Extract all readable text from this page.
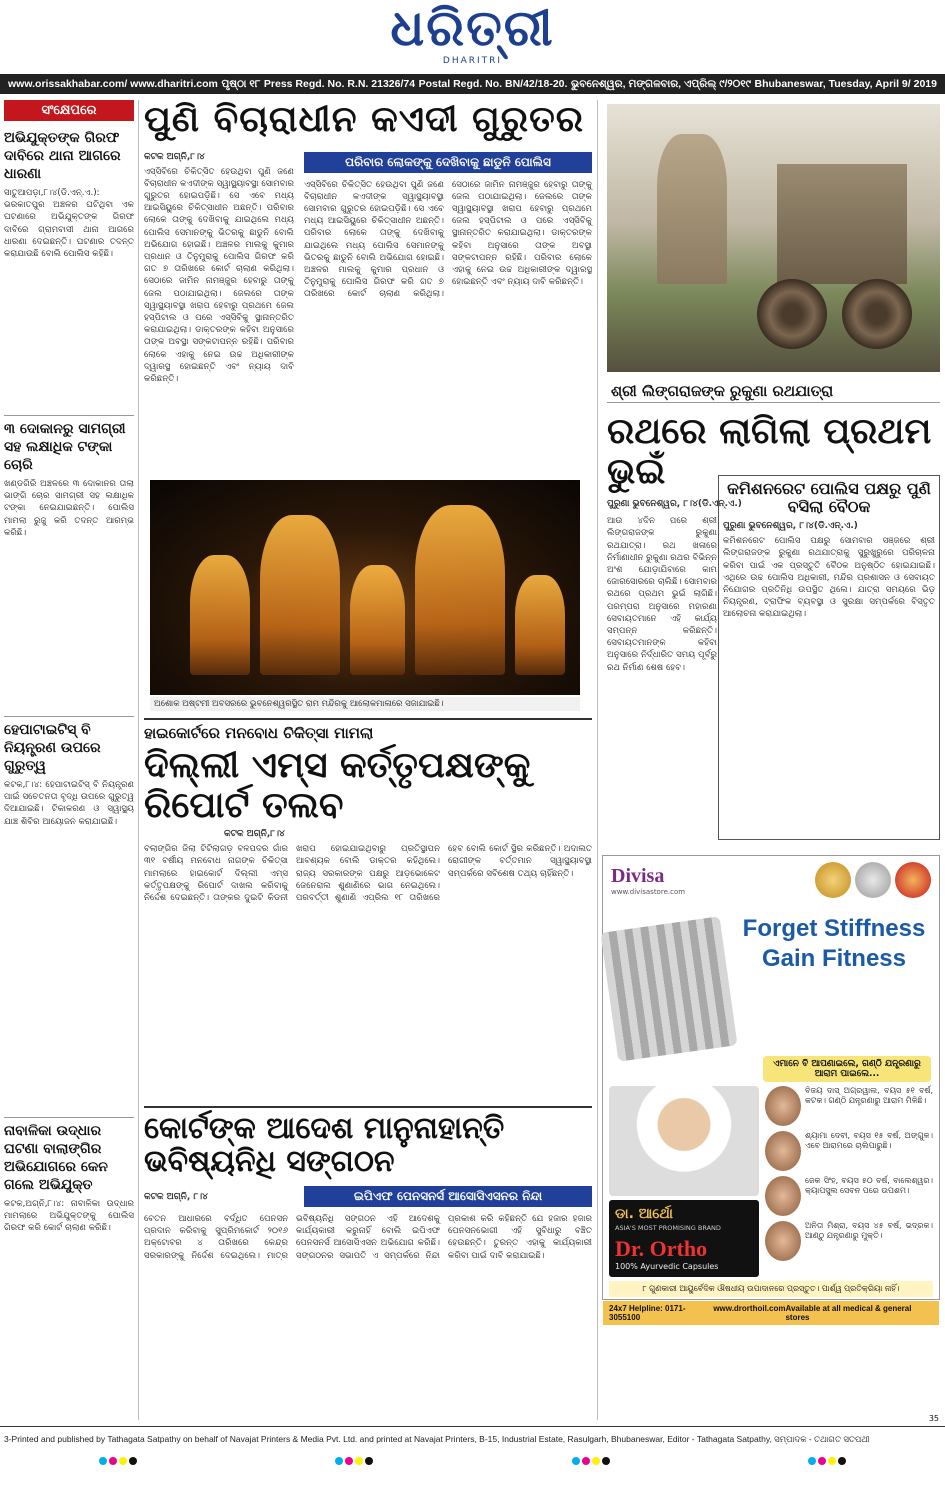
ଧରିତ୍ରୀ
DHARITRI
www.orissakhabar.com/ www.dharitri.com ପୃଷ୍ଠା ୧୮ Press Regd. No. R.N. 21326/74 Postal Regd. No. BN/42/18-20. ଭୁବନେଶ୍ୱର, ମଙ୍ଗଳବାର, ଏପ୍ରିଲ୍ ୯/୨୦୧୯ Bhubaneswar, Tuesday, April 9/ 2019
ସଂକ୍ଷେପରେ
ଅଭିଯୁକ୍ତଙ୍କ ଗିରଫ ଦାବିରେ ଥାନା ଆଗରେ ଧାରଣା
ସାତୁଆପଡ଼ା,୮।୪(ଡି.ଏନ୍.ଏ.): ଭରକାତପୁର ଅଞ୍ଚଳର ଘଟିଥିବା ଏକ ଘଟଣାରେ ଅଭିଯୁକ୍ତଙ୍କ ଗିରଫ ଦାବିରେ ଗ୍ରାମବାସୀ ଥାନା ଆଗରେ ଧାରଣା ଦେଇଛନ୍ତି। ଘଟଣାର ତଦନ୍ତ କରାଯାଉଛି ବୋଲି ପୋଲିସ କହିଛି।
୩ ଦୋକାନରୁ ସାମଗ୍ରୀ ସହ ଲକ୍ଷାଧିକ ଟଙ୍କା ଚୋରି
ଖଣ୍ଡଗିରି ଅଞ୍ଚଳରେ ୩ ଦୋକାନର ତାଲା ଭାଙ୍ଗି ଚୋର ସାମଗ୍ରୀ ସହ ଲକ୍ଷାଧିକ ଟଙ୍କା ନେଇଯାଇଛନ୍ତି। ପୋଲିସ ମାମଲା ରୁଜୁ କରି ତଦନ୍ତ ଆରମ୍ଭ କରିଛି।
ହେପାଟାଇଟିସ୍ ବି ନିୟନ୍ତ୍ରଣ ଉପରେ ଗୁରୁତ୍ୱ
କଟକ,୮।୪: ହେପାଟାଇଟିସ୍ ବି ନିୟନ୍ତ୍ରଣ ପାଇଁ ସଚେତନତା ବୃଦ୍ଧି ଉପରେ ଗୁରୁତ୍ୱ ଦିଆଯାଇଛି। ଟିକାକରଣ ଓ ସ୍ୱାସ୍ଥ୍ୟ ଯାଞ୍ଚ ଶିବିର ଆୟୋଜନ କରାଯାଇଛି।
ନାବାଳିକା ଉଦ୍ଧାର ଘଟଣା ବାଲାଙ୍ଗିର ଅଭିଯୋଗରେ କେନ ଗଲେ ଅଭିଯୁକ୍ତ
କଟକ,ଅଗ୍ନି,୮।୪: ନାବାଳିକା ଉଦ୍ଧାର ମାମଲାରେ ଅଭିଯୁକ୍ତଙ୍କୁ ପୋଲିସ ଗିରଫ କରି କୋର୍ଟ ଚାଲାଣ କରିଛି।
ପୁଣି ବିଚାରାଧୀନ କଏଦୀ ଗୁରୁତର
କଟକ ଅଗ୍ନି,୮।୪
ଏସ୍‌ସିବିରେ ଚିକିତ୍ସିତ ହେଉଥିବା ପୁଣି ଜଣେ ବିଚାରାଧୀନ କଏଦୀଙ୍କ ସ୍ୱାସ୍ଥ୍ୟାବସ୍ଥା ସୋମବାର ଗୁରୁତର ହୋଇପଡ଼ିଛି। ସେ ଏବେ ମଧ୍ୟ ଆଇସିୟୁରେ ଚିକିତ୍ସାଧୀନ ଅଛନ୍ତି। ପରିବାର ଲୋକେ ତାଙ୍କୁ ଦେଖିବାକୁ ଯାଇଥିଲେ ମଧ୍ୟ ପୋଲିସ ସେମାନଙ୍କୁ ଭିତରକୁ ଛାଡୁନି ବୋଲି ଅଭିଯୋଗ ହୋଇଛି। ଅଞ୍ଚଳର ମାଲକୁ କୁମାର ପ୍ରଧାନ ଓ ତିନୁମୁରାକୁ ପୋଲିସ ଗିରଫ କରି ଗତ ୭ ତାରିଖରେ କୋର୍ଟ ଚାଲାଣ କରିଥିଲା। ସେଠାରେ ଜାମିନ ନାମଞ୍ଜୁର ହେବାରୁ ତାଙ୍କୁ ଜେଲ ପଠାଯାଇଥିଲା। ଜେଲରେ ତାଙ୍କ ସ୍ୱାସ୍ଥ୍ୟାବସ୍ଥା ଖରାପ ହେବାରୁ ପ୍ରଥମେ ଜେଲ ହସ୍ପିଟାଲ ଓ ପରେ ଏସ୍‌ସିବିକୁ ସ୍ଥାନାନ୍ତରିତ କରାଯାଇଥିଲା। ଡାକ୍ତରଙ୍କ କହିବା ଅନୁସାରେ ତାଙ୍କ ଅବସ୍ଥା ସଙ୍କଟାପନ୍ନ ରହିଛି। ପରିବାର ଲୋକେ ଏହାକୁ ନେଇ ଉଚ୍ଚ ଅଧିକାରୀଙ୍କ ଦ୍ୱାରସ୍ଥ ହୋଇଛନ୍ତି ଏବଂ ନ୍ୟାୟ ଦାବି କରିଛନ୍ତି।
ପରିବାର ଲୋକଙ୍କୁ ଦେଖିବାକୁ ଛାଡୁନି ପୋଲିସ
ଏସ୍‌ସିବିରେ ଚିକିତ୍ସିତ ହେଉଥିବା ପୁଣି ଜଣେ ବିଚାରାଧୀନ କଏଦୀଙ୍କ ସ୍ୱାସ୍ଥ୍ୟାବସ୍ଥା ସୋମବାର ଗୁରୁତର ହୋଇପଡ଼ିଛି। ସେ ଏବେ ମଧ୍ୟ ଆଇସିୟୁରେ ଚିକିତ୍ସାଧୀନ ଅଛନ୍ତି। ପରିବାର ଲୋକେ ତାଙ୍କୁ ଦେଖିବାକୁ ଯାଇଥିଲେ ମଧ୍ୟ ପୋଲିସ ସେମାନଙ୍କୁ ଭିତରକୁ ଛାଡୁନି ବୋଲି ଅଭିଯୋଗ ହୋଇଛି। ଅଞ୍ଚଳର ମାଲକୁ କୁମାର ପ୍ରଧାନ ଓ ତିନୁମୁରାକୁ ପୋଲିସ ଗିରଫ କରି ଗତ ୭ ତାରିଖରେ କୋର୍ଟ ଚାଲାଣ କରିଥିଲା। ସେଠାରେ ଜାମିନ ନାମଞ୍ଜୁର ହେବାରୁ ତାଙ୍କୁ ଜେଲ ପଠାଯାଇଥିଲା। ଜେଲରେ ତାଙ୍କ ସ୍ୱାସ୍ଥ୍ୟାବସ୍ଥା ଖରାପ ହେବାରୁ ପ୍ରଥମେ ଜେଲ ହସ୍ପିଟାଲ ଓ ପରେ ଏସ୍‌ସିବିକୁ ସ୍ଥାନାନ୍ତରିତ କରାଯାଇଥିଲା। ଡାକ୍ତରଙ୍କ କହିବା ଅନୁସାରେ ତାଙ୍କ ଅବସ୍ଥା ସଙ୍କଟାପନ୍ନ ରହିଛି। ପରିବାର ଲୋକେ ଏହାକୁ ନେଇ ଉଚ୍ଚ ଅଧିକାରୀଙ୍କ ଦ୍ୱାରସ୍ଥ ହୋଇଛନ୍ତି ଏବଂ ନ୍ୟାୟ ଦାବି କରିଛନ୍ତି।
ଅଶୋକ ଅଷ୍ଟମୀ ଅବସରରେ ଭୁବନେଶ୍ୱରସ୍ଥିତ ରାମ ମନ୍ଦିରକୁ ଆଲୋକମାଳାରେ ସଜାଯାଇଛି।
ହାଇକୋର୍ଟରେ ମନବୋଧ ଚିକିତ୍ସା ମାମଲା
ଦିଲ୍ଲୀ ଏମ୍‌ସ କର୍ତ୍ତୃପକ୍ଷଙ୍କୁ ରିପୋର୍ଟ ତଲବ
କଟକ ଅଗ୍ନି,୮।୪
ବଲାଙ୍ଗିର ଜିଲା ଟିଟିଲାଗଡ଼ ବଳପଦର ଗାଁର ୩୧ ବର୍ଷୀୟ ମନବୋଧ ନାଗଙ୍କ ଚିକିତ୍ସା ମାମଲାରେ ହାଇକୋର୍ଟ ଦିଲ୍ଲୀ ଏମ୍‌ସ କର୍ତ୍ତୃପକ୍ଷଙ୍କୁ ରିପୋର୍ଟ ଦାଖଲ କରିବାକୁ ନିର୍ଦ୍ଦେଶ ଦେଇଛନ୍ତି। ତାଙ୍କର ଦୁଇଟି କିଡନୀ ଖରାପ ହୋଇଯାଇଥିବାରୁ ପ୍ରତିସ୍ଥାପନ ଆବଶ୍ୟକ ବୋଲି ଡାକ୍ତର କହିଥିଲେ। ରାଜ୍ୟ ସରକାରଙ୍କ ପକ୍ଷରୁ ଆଡ଼ଭୋକେଟ ଜେନେରାଲ ଶୁଣାଣିରେ ଭାଗ ନେଇଥିଲେ। ପରବର୍ତ୍ତୀ ଶୁଣାଣି ଏପ୍ରିଲ ୧୮ ତାରିଖରେ ହେବ ବୋଲି କୋର୍ଟ ସ୍ଥିର କରିଛନ୍ତି। ଅଦାଲତ ରୋଗୀଙ୍କ ବର୍ତ୍ତମାନ ସ୍ୱାସ୍ଥ୍ୟାବସ୍ଥା ସମ୍ପର୍କରେ ସବିଶେଷ ତଥ୍ୟ ଚାହିଁଛନ୍ତି।
କୋର୍ଟଙ୍କ ଆଦେଶ ମାନୁନାହାନ୍ତି ଭବିଷ୍ୟନିଧି ସଙ୍ଗଠନ
କଟକ ଅଗ୍ନି, ୮।୪	ଇପିଏଫ ପେନସନର୍ସ ଆସୋସିଏସନର ନିନ୍ଦା
ବେତନ ଆଧାରରେ ବର୍ଦ୍ଧିତ ପେନସନ ପ୍ରଦାନ କରିବାକୁ ସୁପ୍ରିମକୋର୍ଟ ୨୦୧୬ ଅକ୍ଟୋବର ୪ ତାରିଖରେ କେନ୍ଦ୍ର ସରକାରଙ୍କୁ ନିର୍ଦ୍ଦେଶ ଦେଇଥିଲେ। ମାତ୍ର ଭବିଷ୍ୟନିଧି ସଙ୍ଗଠନ ଏହି ଆଦେଶକୁ କାର୍ଯ୍ୟକାରୀ କରୁନାହିଁ ବୋଲି ଇପିଏଫ ପେନସନର୍ସ ଆସୋସିଏସନ ଅଭିଯୋଗ କରିଛି। ସଙ୍ଗଠନର ସଭାପତି ଏ ସମ୍ପର୍କରେ ନିନ୍ଦା ପ୍ରକାଶ କରି କହିଛନ୍ତି ଯେ ହଜାର ହଜାର ପେନସନଭୋଗୀ ଏହି ସୁବିଧାରୁ ବଞ୍ଚିତ ହେଉଛନ୍ତି। ତୁରନ୍ତ ଏହାକୁ କାର୍ଯ୍ୟକାରୀ କରିବା ପାଇଁ ଦାବି କରାଯାଇଛି।
ଶ୍ରୀ ଲିଙ୍ଗରାଜଙ୍କ ରୁକୁଣା ରଥଯାତ୍ରା
ରଥରେ ଲାଗିଲା ପ୍ରଥମ ଭୁଇଁ
ପୁରୁଣା ଭୁବନେଶ୍ୱର, ୮।୪(ଡି.ଏନ୍.ଏ.)
ଆଉ ୪ଦିନ ପରେ ଶ୍ରୀ ଲିଙ୍ଗରାଜଙ୍କ ରୁକୁଣା ରଥଯାତ୍ରା। ରଥ ଖଳାରେ ନିର୍ମାଣାଧୀନ ରୁକୁଣା ରଥର ବିଭିନ୍ନ ଅଂଶ ଯୋଡ଼ାଯିବାରେ କାମ ଜୋରସୋରରେ ଚାଲିଛି। ସୋମବାର ରଥରେ ପ୍ରଥମ ଭୁଇଁ ଲାଗିଛି। ପରମ୍ପରା ଅନୁସାରେ ମହାରଣା ସେବାୟତମାନେ ଏହି କାର୍ଯ୍ୟ ସମ୍ପନ୍ନ କରିଛନ୍ତି। ସେବାୟତମାନଙ୍କ କହିବା ଅନୁସାରେ ନିର୍ଦ୍ଧାରିତ ସମୟ ପୂର୍ବରୁ ରଥ ନିର୍ମାଣ ଶେଷ ହେବ।
କମିଶନରେଟ ପୋଲିସ ପକ୍ଷରୁ ପୁଣି ବସିଲା ବୈଠକ
ପୁରୁଣା ଭୁବନେଶ୍ୱର, ୮।୪(ଡି.ଏନ୍.ଏ.)
କମିଶନରେଟ ପୋଲିସ ପକ୍ଷରୁ ସୋମବାର ସଞ୍ଜରେ ଶ୍ରୀ ଲିଙ୍ଗରାଜଙ୍କ ରୁକୁଣା ରଥଯାତ୍ରାକୁ ସୁରୁଖୁରୁରେ ପରିଚାଳନା କରିବା ପାଇଁ ଏକ ପ୍ରସ୍ତୁତି ବୈଠକ ଅନୁଷ୍ଠିତ ହୋଇଯାଇଛି। ଏଥିରେ ଉଚ୍ଚ ପୋଲିସ ଅଧିକାରୀ, ମନ୍ଦିର ପ୍ରଶାସନ ଓ ସେବାୟତ ନିଯୋଗର ପ୍ରତିନିଧି ଉପସ୍ଥିତ ଥିଲେ। ଯାତ୍ରା ସମୟରେ ଭିଡ଼ ନିୟନ୍ତ୍ରଣ, ଟ୍ରାଫିକ ବ୍ୟବସ୍ଥା ଓ ସୁରକ୍ଷା ସମ୍ପର୍କରେ ବିସ୍ତୃତ ଆଲୋଚନା କରାଯାଇଥିଲା।
Divisa
www.divisastore.com
Forget Stiffness Gain Fitness
ଏମାନେ ବି ଆପଣାଇଲେ, ଗଣ୍ଠି ଯନ୍ତ୍ରଣାରୁ ଆରାମ ପାଇଲେ...
ଡା. ଆର୍ଥୋ
ASIA'S MOST PROMISING BRAND
Dr. Ortho
100% Ayurvedic Capsules
ବିଜୟ ଦାସ୍ ଅଗ୍ରୱାଲ, ବୟସ ୫୧ ବର୍ଷ, କଟକ। ଗଣ୍ଠି ଯନ୍ତ୍ରଣାରୁ ଆରାମ ମିଳିଛି।
ଶ୍ୟାମା ଦେବୀ, ବୟସ ୧୫ ବର୍ଷ, ଅଙ୍ଗୁଳ। ଏବେ ଆରାମରେ ଚାଲିପାରୁଛି।
ଜେକ ସିଂହ, ବୟସ ୫୦ ବର୍ଷ, ବାଲେଶ୍ୱର। କ୍ୟାପସୁଲ ସେବନ ପରେ ଉପଶମ।
ଅନିତା ମିଶ୍ରା, ବୟସ ୪୫ ବର୍ଷ, ଭଦ୍ରକ। ଆଣ୍ଠୁ ଯନ୍ତ୍ରଣାରୁ ମୁକ୍ତି।
୮ ଗୁଣକାରୀ ଆୟୁର୍ବେଦିକ ଔଷଧୀୟ ଉପାଦାନରେ ପ୍ରସ୍ତୁତ। ପାର୍ଶ୍ୱ ପ୍ରତିକ୍ରିୟା ନାହିଁ।
24x7 Helpline: 0171-3055100
www.drorthoil.com Available at all medical & general stores
3-Printed and published by Tathagata Satpathy on behalf of Navajat Printers & Media Pvt. Ltd. and printed at Navajat Printers, B-15, Industrial Estate, Rasulgarh, Bhubaneswar, Editor - Tathagata Satpathy, ସମ୍ପାଦକ - ତଥାଗତ ସତପଥୀ
35
